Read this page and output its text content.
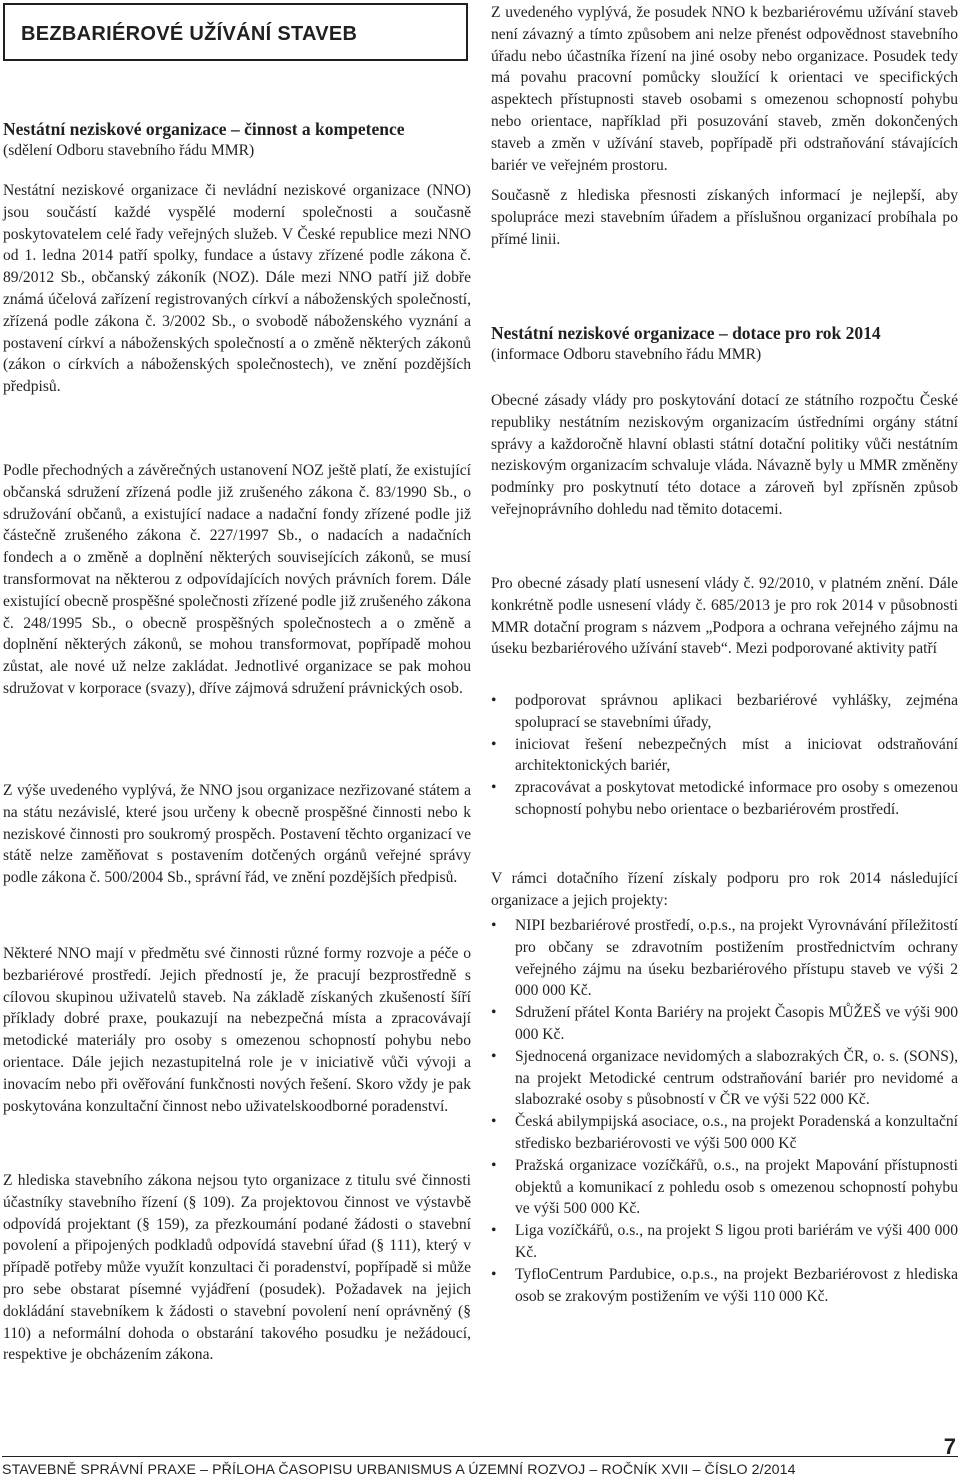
BEZBARIÉROVÉ UŽÍVÁNÍ STAVEB
Nestátní neziskové organizace – činnost a kompetence
(sdělení Odboru stavebního řádu MMR)

Nestátní neziskové organizace či nevládní neziskové organizace (NNO) jsou součástí každé vyspělé moderní společnosti a současně poskytovatelem celé řady veřejných služeb. V České republice mezi NNO od 1. ledna 2014 patří spolky, fundace a ústavy zřízené podle zákona č. 89/2012 Sb., občanský zákoník (NOZ). Dále mezi NNO patří již dobře známá účelová zařízení registrovaných církví a náboženských společností, zřízená podle zákona č. 3/2002 Sb., o svobodě náboženského vyznání a postavení církví a náboženských společností a o změně některých zákonů (zákon o církvích a náboženských společnostech), ve znění pozdějších předpisů.

Podle přechodných a závěrečných ustanovení NOZ ještě platí, že existující občanská sdružení zřízená podle již zrušeného zákona č. 83/1990 Sb., o sdružování občanů, a existující nadace a nadační fondy zřízené podle již částečně zrušeného zákona č. 227/1997 Sb., o nadacích a nadačních fondech a o změně a doplnění některých souvisejících zákonů, se musí transformovat na některou z odpovídajících nových právních forem. Dále existující obecně prospěšné společnosti zřízené podle již zrušeného zákona č. 248/1995 Sb., o obecně prospěšných společnostech a o změně a doplnění některých zákonů, se mohou transformovat, popřípadě mohou zůstat, ale nové už nelze zakládat. Jednotlivé organizace se pak mohou sdružovat v korporace (svazy), dříve zájmová sdružení právnických osob.

Z výše uvedeného vyplývá, že NNO jsou organizace nezřizované státem a na státu nezávislé, které jsou určeny k obecně prospěšné činnosti nebo k neziskové činnosti pro soukromý prospěch. Postavení těchto organizací ve státě nelze zaměňovat s postavením dotčených orgánů veřejné správy podle zákona č. 500/2004 Sb., správní řád, ve znění pozdějších předpisů.

Některé NNO mají v předmětu své činnosti různé formy rozvoje a péče o bezbariérové prostředí. Jejich předností je, že pracují bezprostředně s cílovou skupinou uživatelů staveb. Na základě získaných zkušeností šíří příklady dobré praxe, poukazují na nebezpečná místa a zpracovávají metodické materiály pro osoby s omezenou schopností pohybu nebo orientace. Dále jejich nezastupitelná role je v iniciativě vůči vývoji a inovacím nebo při ověřování funkčnosti nových řešení. Skoro vždy je pak poskytována konzultační činnost nebo uživatelskoodborné poradenství.

Z hlediska stavebního zákona nejsou tyto organizace z titulu své činnosti účastníky stavebního řízení (§ 109). Za projektovou činnost ve výstavbě odpovídá projektant (§ 159), za přezkoumání podané žádosti o stavební povolení a připojených podkladů odpovídá stavební úřad (§ 111), který v případě potřeby může využít konzultaci či poradenství, popřípadě si může pro sebe obstarat písemné vyjádření (posudek). Požadavek na jejich dokládání stavebníkem k žádosti o stavební povolení není oprávněný (§ 110) a neformální dohoda o obstarání takového posudku je nežádoucí, respektive je obcházením zákona.

Z uvedeného vyplývá, že posudek NNO k bezbariérovému užívání staveb není závazný a tímto způsobem ani nelze přenést odpovědnost stavebního úřadu nebo účastníka řízení na jiné osoby nebo organizace. Posudek tedy má povahu pracovní pomůcky sloužící k orientaci ve specifických aspektech přístupnosti staveb osobami s omezenou schopností pohybu nebo orientace, například při posuzování staveb, změn dokončených staveb a změn v užívání staveb, popřípadě při odstraňování stávajících bariér ve veřejném prostoru.

Současně z hlediska přesnosti získaných informací je nejlepší, aby spolupráce mezi stavebním úřadem a příslušnou organizací probíhala po přímé linii.

Nestátní neziskové organizace – dotace pro rok 2014
(informace Odboru stavebního řádu MMR)

Obecné zásady vlády pro poskytování dotací ze státního rozpočtu České republiky nestátním neziskovým organizacím ústředními orgány státní správy a každoročně hlavní oblasti státní dotační politiky vůči nestátním neziskovým organizacím schvaluje vláda. Návazně byly u MMR změněny podmínky pro poskytnutí této dotace a zároveň byl zpřísněn způsob veřejnoprávního dohledu nad těmito dotacemi.

Pro obecné zásady platí usnesení vlády č. 92/2010, v platném znění. Dále konkrétně podle usnesení vlády č. 685/2013 je pro rok 2014 v působnosti MMR dotační program s názvem „Podpora a ochrana veřejného zájmu na úseku bezbariérového užívání staveb“. Mezi podporované aktivity patří

• podporovat správnou aplikaci bezbariérové vyhlášky, zejména spoluprací se stavebními úřady,
• iniciovat řešení nebezpečných míst a iniciovat odstraňování architektonických bariér,
• zpracovávat a poskytovat metodické informace pro osoby s omezenou schopností pohybu nebo orientace o bezbariérovém prostředí.

V rámci dotačního řízení získaly podporu pro rok 2014 následující organizace a jejich projekty:

• NIPI bezbariérové prostředí, o.p.s., na projekt Vyrovnávání příležitostí pro občany se zdravotním postižením prostřednictvím ochrany veřejného zájmu na úseku bezbariérového přístupu staveb ve výši 2 000 000 Kč.
• Sdružení přátel Konta Bariéry na projekt Časopis MŮŽEŠ ve výši 900 000 Kč.
• Sjednocená organizace nevidomých a slabozrakých ČR, o. s. (SONS), na projekt Metodické centrum odstraňování bariér pro nevidomé a slabozraké osoby s působností v ČR ve výši 522 000 Kč.
• Česká abilympijská asociace, o.s., na projekt Poradenská a konzultační středisko bezbariérovosti ve výši 500 000 Kč
• Pražská organizace vozíčkářů, o.s., na projekt Mapování přístupnosti objektů a komunikací z pohledu osob s omezenou schopností pohybu ve výši 500 000 Kč.
• Liga vozíčkářů, o.s., na projekt S ligou proti bariérám ve výši 400 000 Kč.
• TyfloCentrum Pardubice, o.p.s., na projekt Bezbariérovost z hlediska osob se zrakovým postižením ve výši 110 000 Kč.
7
STAVEBNĚ SPRÁVNÍ PRAXE – PŘÍLOHA ČASOPISU URBANISMUS A ÚZEMNÍ ROZVOJ – ROČNÍK XVII – ČÍSLO 2/2014
